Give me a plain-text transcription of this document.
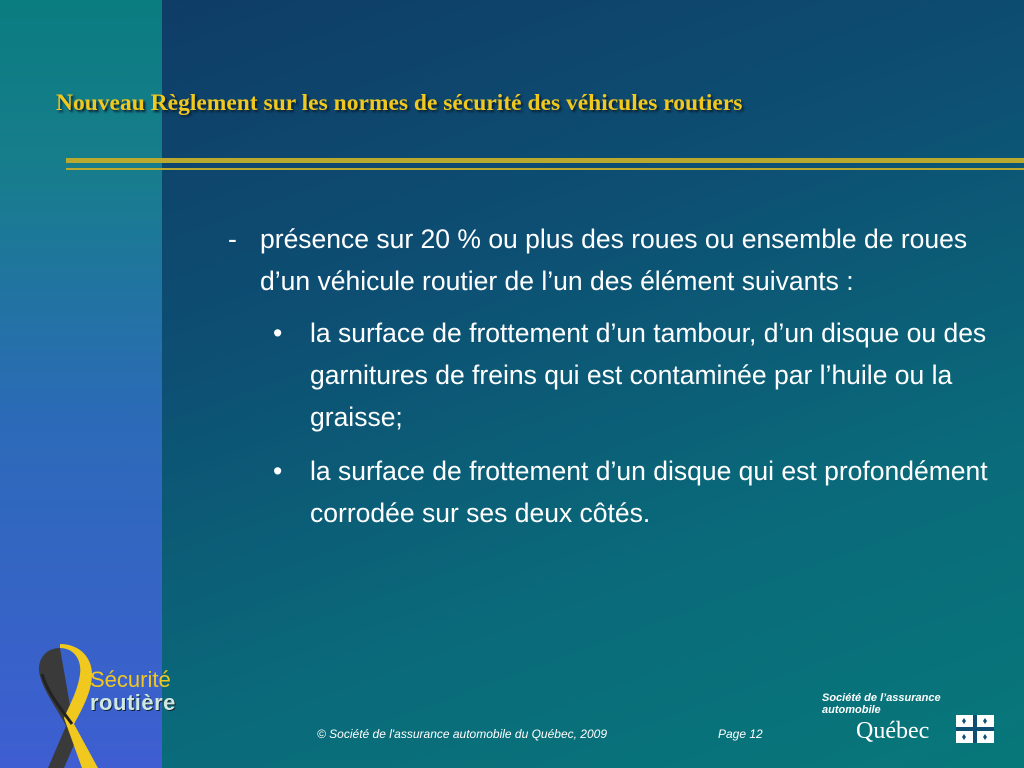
Nouveau Règlement sur les normes de sécurité des véhicules routiers
- présence sur 20 % ou plus des roues ou ensemble de roues d’un véhicule routier de l’un des élément suivants :
• la surface de frottement d’un tambour, d’un disque ou des garnitures de freins qui est contaminée par l’huile ou la graisse;
• la surface de frottement d’un disque qui est profondément corrodée sur ses deux côtés.
Sécurité
routière
© Société de l'assurance automobile du Québec, 2009	Page 12
Société de l’assurance automobile
Québec
